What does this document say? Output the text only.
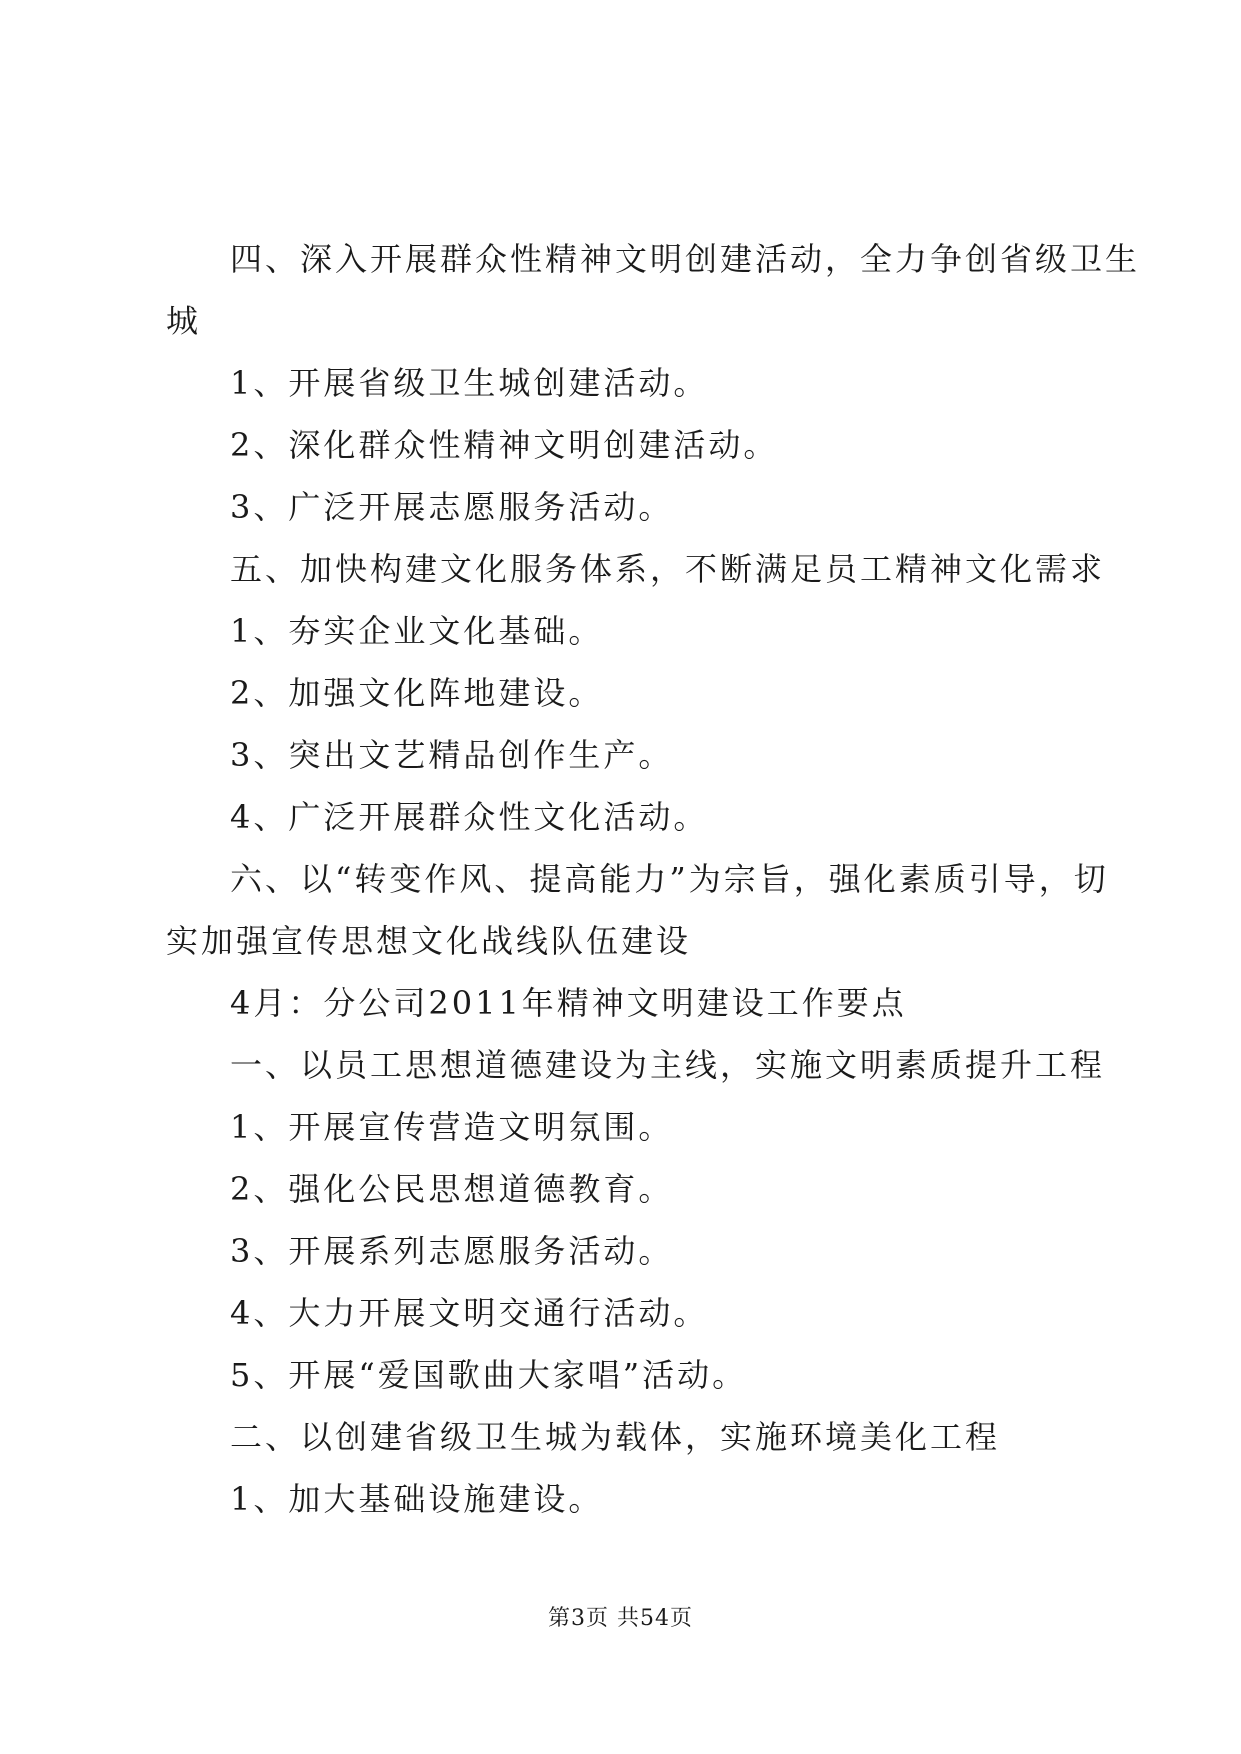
四、深入开展群众性精神文明创建活动，全力争创省级卫生
城
1、开展省级卫生城创建活动。
2、深化群众性精神文明创建活动。
3、广泛开展志愿服务活动。
五、加快构建文化服务体系，不断满足员工精神文化需求
1、夯实企业文化基础。
2、加强文化阵地建设。
3、突出文艺精品创作生产。
4、广泛开展群众性文化活动。
六、以“转变作风、提高能力”为宗旨，强化素质引导，切
实加强宣传思想文化战线队伍建设
4月：分公司2011年精神文明建设工作要点
一、以员工思想道德建设为主线，实施文明素质提升工程
1、开展宣传营造文明氛围。
2、强化公民思想道德教育。
3、开展系列志愿服务活动。
4、大力开展文明交通行活动。
5、开展“爱国歌曲大家唱”活动。
二、以创建省级卫生城为载体，实施环境美化工程
1、加大基础设施建设。
第3页 共54页
